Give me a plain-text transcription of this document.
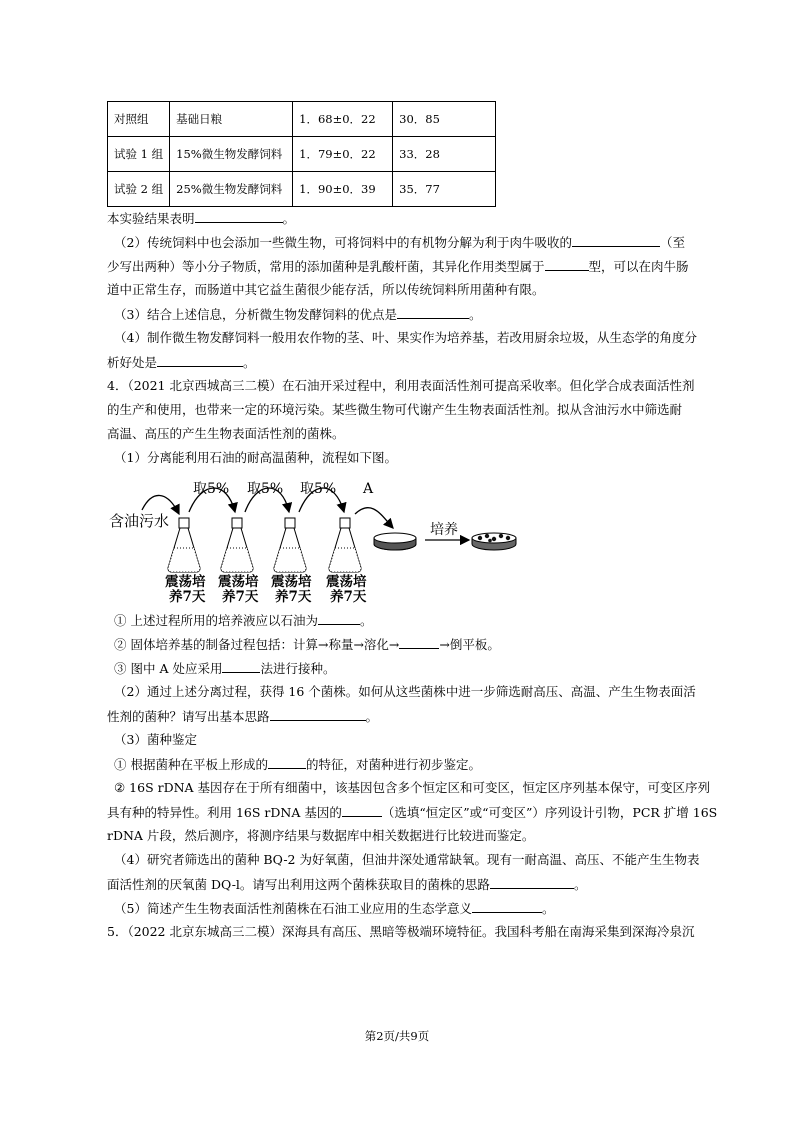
对照组	基础日粮	1．68±0．22	30．85
试验 1 组	15%微生物发酵饲料	1．79±0．22	33．28
试验 2 组	25%微生物发酵饲料	1．90±0．39	35．77
本实验结果表明	。
（2）传统饲料中也会添加一些微生物，可将饲料中的有机物分解为利于肉牛吸收的	（至
少写出两种）等小分子物质，常用的添加菌种是乳酸杆菌，其异化作用类型属于	型，可以在肉牛肠
道中正常生存，而肠道中其它益生菌很少能存活，所以传统饲料所用菌种有限。
（3）结合上述信息，分析微生物发酵饲料的优点是	。
（4）制作微生物发酵饲料一般用农作物的茎、叶、果实作为培养基，若改用厨余垃圾，从生态学的角度分
析好处是	。
4．（2021 北京西城高三二模）在石油开采过程中，利用表面活性剂可提高采收率。但化学合成表面活性剂
的生产和使用，也带来一定的环境污染。某些微生物可代谢产生生物表面活性剂。拟从含油污水中筛选耐
高温、高压的产生生物表面活性剂的菌株。
（1）分离能利用石油的耐高温菌种，流程如下图。
含油污水
取5% 取5% 取5% A
震荡培
养7天
震荡培
养7天
震荡培
养7天
震荡培
养7天
培养
① 上述过程所用的培养液应以石油为	。
② 固体培养基的制备过程包括：计算→称量→溶化→	→倒平板。
③ 图中 A 处应采用	法进行接种。
（2）通过上述分离过程，获得 16 个菌株。如何从这些菌株中进一步筛选耐高压、高温、产生生物表面活
性剂的菌种？请写出基本思路	。
（3）菌种鉴定
① 根据菌种在平板上形成的	的特征，对菌种进行初步鉴定。
② 16S rDNA 基因存在于所有细菌中，该基因包含多个恒定区和可变区，恒定区序列基本保守，可变区序列
具有种的特异性。利用 16S rDNA 基因的	（选填“恒定区”或“可变区”）序列设计引物，PCR 扩增 16S
rDNA 片段，然后测序，将测序结果与数据库中相关数据进行比较进而鉴定。
（4）研究者筛选出的菌种 BQ-2 为好氧菌，但油井深处通常缺氧。现有一耐高温、高压、不能产生生物表
面活性剂的厌氧菌 DQ-l。请写出利用这两个菌株获取目的菌株的思路	。
（5）简述产生生物表面活性剂菌株在石油工业应用的生态学意义	。
5．（2022 北京东城高三二模）深海具有高压、黑暗等极端环境特征。我国科考船在南海采集到深海冷泉沉
第2页/共9页
